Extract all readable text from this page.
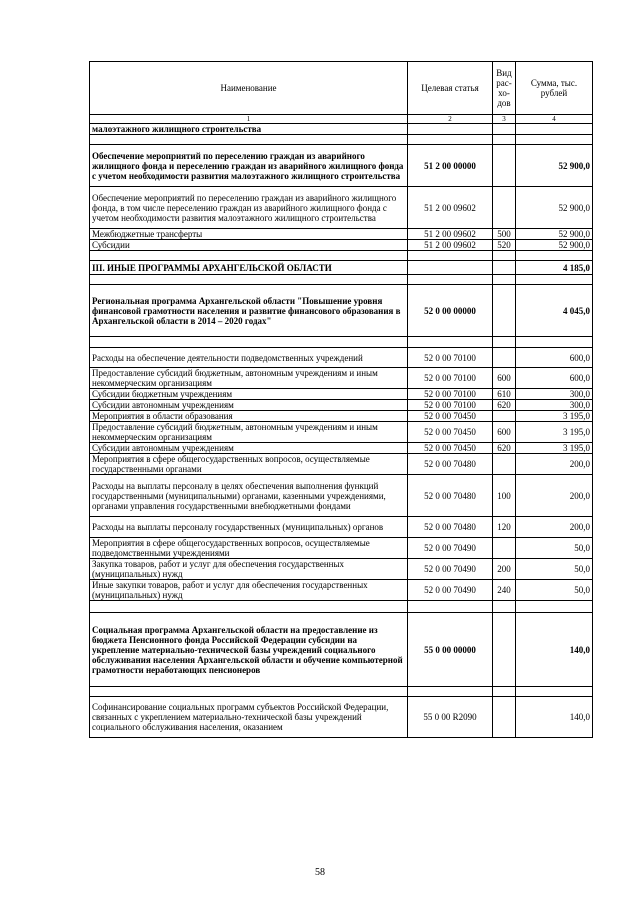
Наименование	Целевая статья	Вид рас- хо- дов	Сумма, тыс. рублей
1	2	3	4
малоэтажного жилищного строительства			

Обеспечение мероприятий по переселению граждан из аварийного жилищного фонда и переселению граждан из аварийного жилищного фонда с учетом необходимости развития малоэтажного жилищного строительства	51 2 00 00000		52 900,0
Обеспечение мероприятий по переселению граждан из аварийного жилищного фонда, в том числе переселению граждан из аварийного жилищного фонда с учетом необходимости развития малоэтажного жилищного строительства	51 2 00 09602		52 900,0
Межбюджетные трансферты	51 2 00 09602	500	52 900,0
Субсидии	51 2 00 09602	520	52 900,0

III. ИНЫЕ ПРОГРАММЫ АРХАНГЕЛЬСКОЙ ОБЛАСТИ			4 185,0

Региональная программа Архангельской области "Повышение уровня финансовой грамотности населения и развитие финансового образования в Архангельской области в 2014 – 2020 годах"	52 0 00 00000		4 045,0

Расходы на обеспечение деятельности подведомственных учреждений	52 0 00 70100		600,0
Предоставление субсидий бюджетным, автономным учреждениям и иным некоммерческим организациям	52 0 00 70100	600	600,0
Субсидии бюджетным учреждениям	52 0 00 70100	610	300,0
Субсидии автономным учреждениям	52 0 00 70100	620	300,0
Мероприятия в области образования	52 0 00 70450		3 195,0
Предоставление субсидий бюджетным, автономным учреждениям и иным некоммерческим организациям	52 0 00 70450	600	3 195,0
Субсидии автономным учреждениям	52 0 00 70450	620	3 195,0
Мероприятия в сфере общегосударственных вопросов, осуществляемые государственными органами	52 0 00 70480		200,0
Расходы на выплаты персоналу в целях обеспечения выполнения функций государственными (муниципальными) органами, казенными учреждениями, органами управления государственными внебюджетными фондами	52 0 00 70480	100	200,0
Расходы на выплаты персоналу государственных (муниципальных) органов	52 0 00 70480	120	200,0
Мероприятия в сфере общегосударственных вопросов, осуществляемые подведомственными учреждениями	52 0 00 70490		50,0
Закупка товаров, работ и услуг для обеспечения государственных (муниципальных) нужд	52 0 00 70490	200	50,0
Иные закупки товаров, работ и услуг для обеспечения государственных (муниципальных) нужд	52 0 00 70490	240	50,0

Социальная программа Архангельской области на предоставление из бюджета Пенсионного фонда Российской Федерации субсидии на укрепление материально-технической базы учреждений социального обслуживания населения Архангельской области и обучение компьютерной грамотности неработающих пенсионеров	55 0 00 00000		140,0

Софинансирование социальных программ субъектов Российской Федерации, связанных с укреплением материально-технической базы учреждений социального обслуживания населения, оказанием	55 0 00 R2090		140,0
58
